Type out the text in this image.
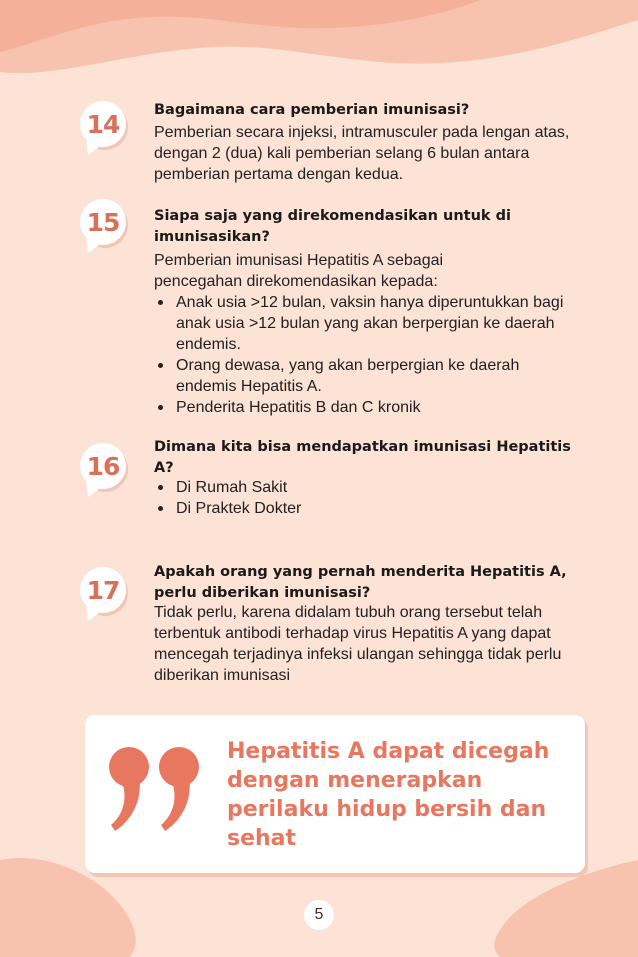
14	Bagaimana cara pemberian imunisasi?
Pemberian secara injeksi, intramusculer pada lengan atas, dengan 2 (dua) kali pemberian selang 6 bulan antara pemberian pertama dengan kedua.
15	Siapa saja yang direkomendasikan untuk di imunisasikan?
Pemberian imunisasi Hepatitis A sebagai pencegahan direkomendasikan kepada:
Anak usia >12 bulan, vaksin hanya diperuntukkan bagi anak usia >12 bulan yang akan berpergian ke daerah endemis.
Orang dewasa, yang akan berpergian ke daerah endemis Hepatitis A.
Penderita Hepatitis B dan C kronik
16
Dimana kita bisa mendapatkan imunisasi Hepatitis A?
Di Rumah Sakit
Di Praktek Dokter
17
Apakah orang yang pernah menderita Hepatitis A, perlu diberikan imunisasi?
Tidak perlu, karena didalam tubuh orang tersebut telah terbentuk antibodi terhadap virus Hepatitis A yang dapat mencegah terjadinya infeksi ulangan sehingga tidak perlu diberikan imunisasi
Hepatitis A dapat dicegah dengan menerapkan perilaku hidup bersih dan sehat
5
